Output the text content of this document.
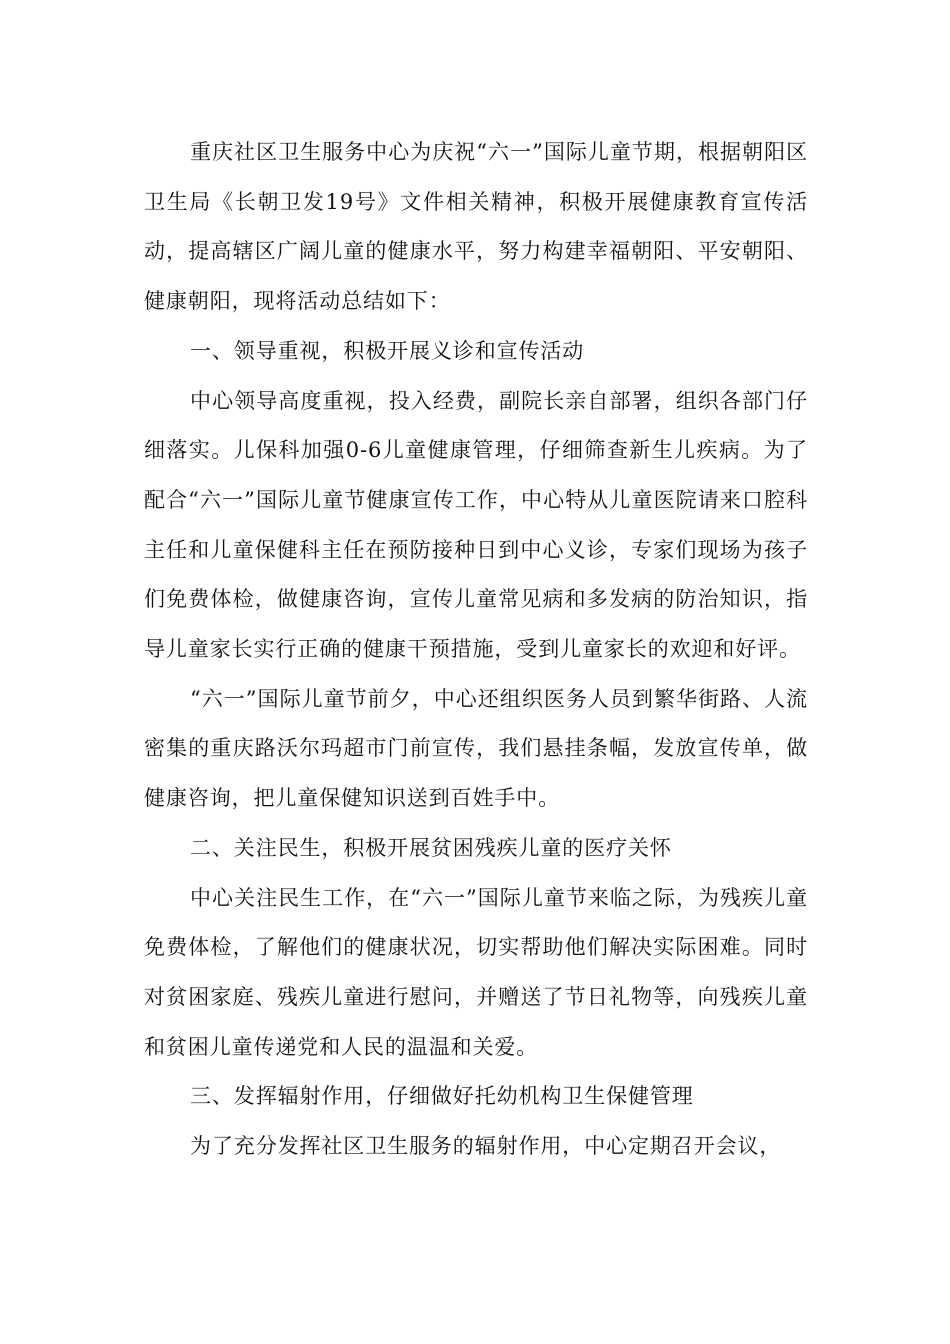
重庆社区卫生服务中心为庆祝“六一”国际儿童节期，根据朝阳区卫生局《长朝卫发19号》文件相关精神，积极开展健康教育宣传活动，提高辖区广阔儿童的健康水平，努力构建幸福朝阳、平安朝阳、健康朝阳，现将活动总结如下：

一、领导重视，积极开展义诊和宣传活动

中心领导高度重视，投入经费，副院长亲自部署，组织各部门仔细落实。儿保科加强0-6儿童健康管理，仔细筛查新生儿疾病。为了配合“六一”国际儿童节健康宣传工作，中心特从儿童医院请来口腔科主任和儿童保健科主任在预防接种日到中心义诊，专家们现场为孩子们免费体检，做健康咨询，宣传儿童常见病和多发病的防治知识，指导儿童家长实行正确的健康干预措施，受到儿童家长的欢迎和好评。

“六一”国际儿童节前夕，中心还组织医务人员到繁华街路、人流密集的重庆路沃尔玛超市门前宣传，我们悬挂条幅，发放宣传单，做健康咨询，把儿童保健知识送到百姓手中。

二、关注民生，积极开展贫困残疾儿童的医疗关怀

中心关注民生工作，在“六一”国际儿童节来临之际，为残疾儿童免费体检，了解他们的健康状况，切实帮助他们解决实际困难。同时对贫困家庭、残疾儿童进行慰问，并赠送了节日礼物等，向残疾儿童和贫困儿童传递党和人民的温温和关爱。

三、发挥辐射作用，仔细做好托幼机构卫生保健管理

为了充分发挥社区卫生服务的辐射作用，中心定期召开会议，
